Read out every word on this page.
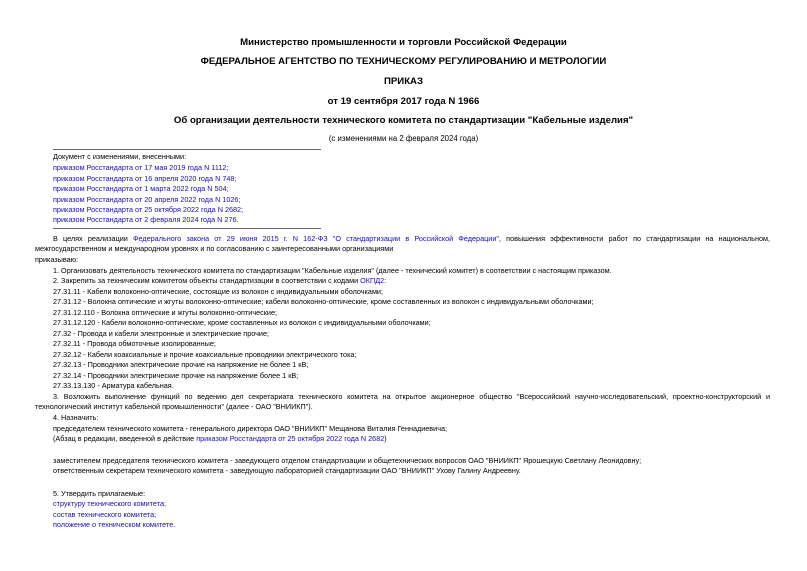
Министерство промышленности и торговли Российской Федерации
ФЕДЕРАЛЬНОЕ АГЕНТСТВО ПО ТЕХНИЧЕСКОМУ РЕГУЛИРОВАНИЮ И МЕТРОЛОГИИ
ПРИКАЗ
от 19 сентября 2017 года N 1966
Об организации деятельности технического комитета по стандартизации "Кабельные изделия"
(с изменениями на 2 февраля 2024 года)
Документ с изменениями, внесенными:
приказом Росстандарта от 17 мая 2019 года N 1112;
приказом Росстандарта от 16 апреля 2020 года N 748;
приказом Росстандарта от 1 марта 2022 года N 504;
приказом Росстандарта от 20 апреля 2022 года N 1026;
приказом Росстандарта от 25 октября 2022 года N 2682;
приказом Росстандарта от 2 февраля 2024 года N 276.
В целях реализации Федерального закона от 29 июня 2015 г. N 162-ФЗ "О стандартизации в Российской Федерации", повышения эффективности работ по стандартизации на национальном, межгосударственном и международном уровнях и по согласованию с заинтересованными организациями
приказываю:
1. Организовать деятельность технического комитета по стандартизации "Кабельные изделия" (далее - технический комитет) в соответствии с настоящим приказом.
2. Закрепить за техническим комитетом объекты стандартизации в соответствии с кодами ОКПД2:
27.31.11 - Кабели волоконно-оптические, состоящие из волокон с индивидуальными оболочками;
27.31.12 - Волокна оптические и жгуты волоконно-оптические; кабели волоконно-оптические, кроме составленных из волокон с индивидуальными оболочками;
27.31.12.110 - Волокна оптические и жгуты волоконно-оптические;
27.31.12.120 - Кабели волоконно-оптические, кроме составленных из волокон с индивидуальными оболочками;
27.32 - Провода и кабели электронные и электрические прочие;
27.32.11 - Провода обмоточные изолированные;
27.32.12 - Кабели коаксиальные и прочие коаксиальные проводники электрического тока;
27.32.13 - Проводники электрические прочие на напряжение не более 1 кВ;
27.32.14 - Проводники электрические прочие на напряжение более 1 кВ;
27.33.13.130 - Арматура кабельная.
3. Возложить выполнение функций по ведению дел секретариата технического комитета на открытое акционерное общество "Всероссийский научно-исследовательский, проектно-конструкторский и технологический институт кабельной промышленности" (далее - ОАО "ВНИИКП").
4. Назначить:
председателем технического комитета - генерального директора ОАО "ВНИИКП" Мещанова Виталия Геннадиевича;
(Абзац в редакции, введенной в действие приказом Росстандарта от 25 октября 2022 года N 2682)
заместителем председателя технического комитета - заведующего отделом стандартизации и общетехнических вопросов ОАО "ВНИИКП" Ярошецкую Светлану Леонидовну;
ответственным секретарем технического комитета - заведующую лабораторией стандартизации ОАО "ВНИИКП" Ухову Галину Андреевну.
5. Утвердить прилагаемые:
структуру технического комитета;
состав технического комитета;
положение о техническом комитете.
